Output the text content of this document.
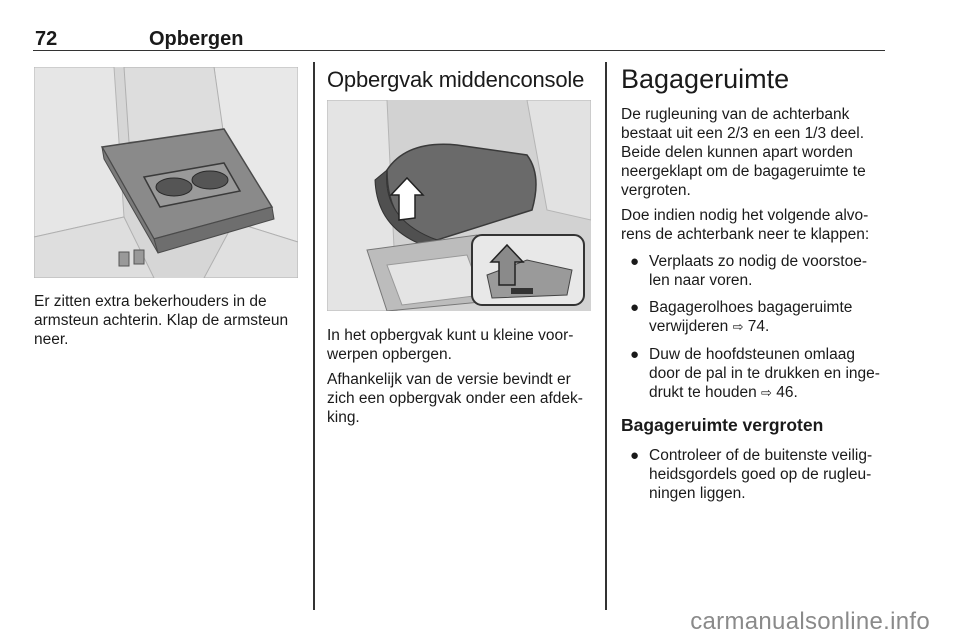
72	Opbergen

Er zitten extra bekerhouders in de armsteun achterin. Klap de armsteun neer.

Opbergvak middenconsole

In het opbergvak kunt u kleine voor-werpen opbergen.

Afhankelijk van de versie bevindt er zich een opbergvak onder een afdek-king.

Bagageruimte

De rugleuning van de achterbank bestaat uit een 2/3 en een 1/3 deel. Beide delen kunnen apart worden neergeklapt om de bagageruimte te vergroten.

Doe indien nodig het volgende alvo-rens de achterbank neer te klappen:

● Verplaats zo nodig de voorstoe-len naar voren.
● Bagagerolhoes bagageruimte verwijderen ⇨ 74.
● Duw de hoofdsteunen omlaag door de pal in te drukken en inge-drukt te houden ⇨ 46.
Bagageruimte vergroten
● Controleer of de buitenste veilig-heidsgordels goed op de rugleu-ningen liggen.
carmanualsonline.info
